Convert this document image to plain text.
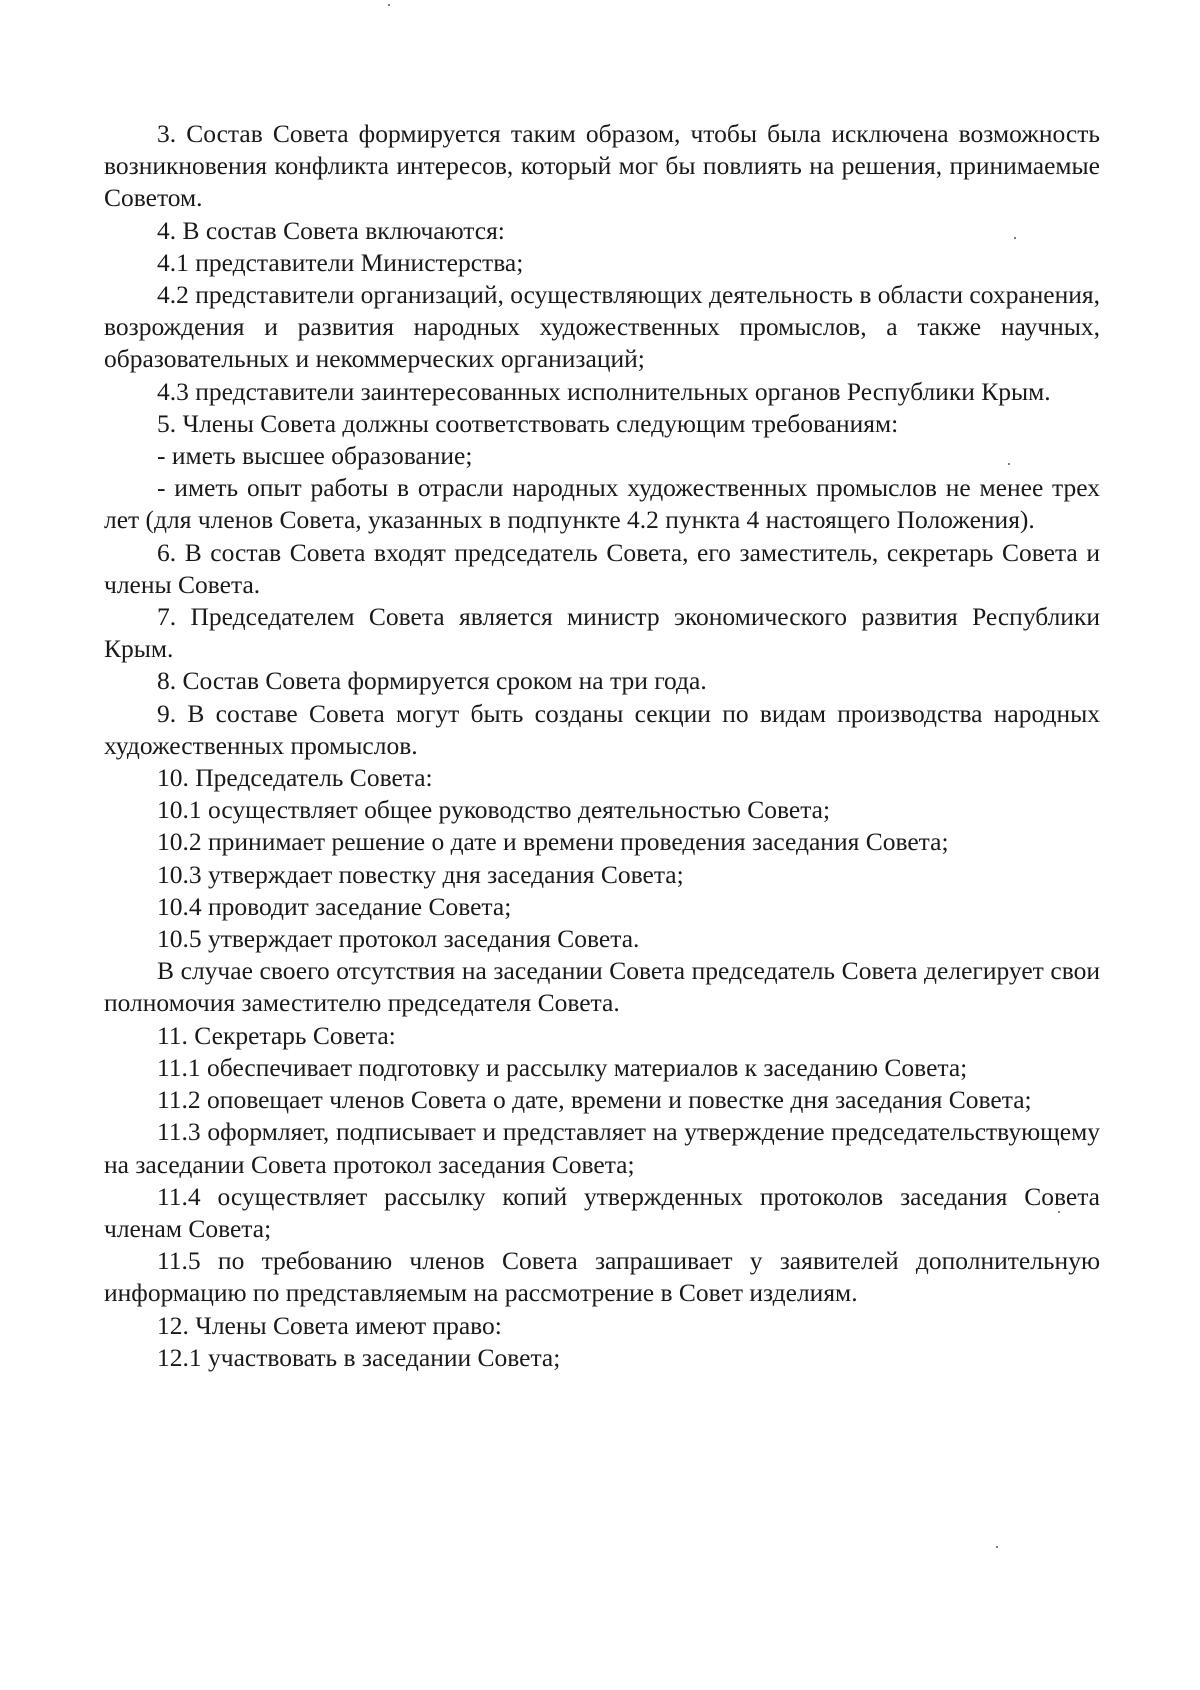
3. Состав Совета формируется таким образом, чтобы была исключена возможность возникновения конфликта интересов, который мог бы повлиять на решения, принимаемые Советом.

4. В состав Совета включаются:

4.1 представители Министерства;

4.2 представители организаций, осуществляющих деятельность в области сохранения, возрождения и развития народных художественных промыслов, а также научных, образовательных и некоммерческих организаций;

4.3 представители заинтересованных исполнительных органов Республики Крым.

5. Члены Совета должны соответствовать следующим требованиям:

- иметь высшее образование;

- иметь опыт работы в отрасли народных художественных промыслов не менее трех лет (для членов Совета, указанных в подпункте 4.2 пункта 4 настоящего Положения).

6. В состав Совета входят председатель Совета, его заместитель, секретарь Совета и члены Совета.

7. Председателем Совета является министр экономического развития Республики Крым.

8. Состав Совета формируется сроком на три года.

9. В составе Совета могут быть созданы секции по видам производства народных художественных промыслов.

10. Председатель Совета:

10.1 осуществляет общее руководство деятельностью Совета;

10.2 принимает решение о дате и времени проведения заседания Совета;

10.3 утверждает повестку дня заседания Совета;

10.4 проводит заседание Совета;

10.5 утверждает протокол заседания Совета.

В случае своего отсутствия на заседании Совета председатель Совета делегирует свои полномочия заместителю председателя Совета.

11. Секретарь Совета:

11.1 обеспечивает подготовку и рассылку материалов к заседанию Совета;

11.2 оповещает членов Совета о дате, времени и повестке дня заседания Совета;

11.3 оформляет, подписывает и представляет на утверждение председательствующему на заседании Совета протокол заседания Совета;

11.4 осуществляет рассылку копий утвержденных протоколов заседания Совета членам Совета;

11.5 по требованию членов Совета запрашивает у заявителей дополнительную информацию по представляемым на рассмотрение в Совет изделиям.

12. Члены Совета имеют право:

12.1 участвовать в заседании Совета;
